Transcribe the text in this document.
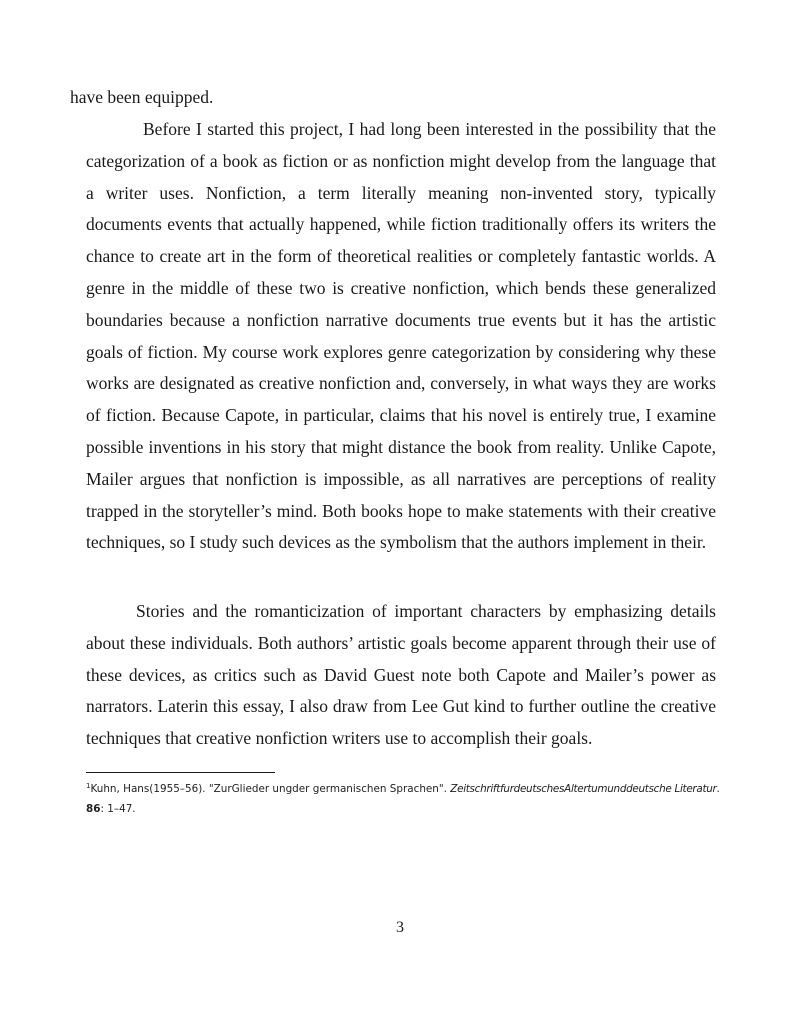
have been equipped.

Before I started this project, I had long been interested in the possibility that the categorization of a book as fiction or as nonfiction might develop from the language that a writer uses. Nonfiction, a term literally meaning non-invented story, typically documents events that actually happened, while fiction traditionally offers its writers the chance to create art in the form of theoretical realities or completely fantastic worlds. A genre in the middle of these two is creative nonfiction, which bends these generalized boundaries because a nonfiction narrative documents true events but it has the artistic goals of fiction. My course work explores genre categorization by considering why these works are designated as creative nonfiction and, conversely, in what ways they are works of fiction. Because Capote, in particular, claims that his novel is entirely true, I examine possible inventions in his story that might distance the book from reality. Unlike Capote, Mailer argues that nonfiction is impossible, as all narratives are perceptions of reality trapped in the storyteller’s mind. Both books hope to make statements with their creative techniques, so I study such devices as the symbolism that the authors implement in their.

Stories and the romanticization of important characters by emphasizing details about these individuals. Both authors’ artistic goals become apparent through their use of these devices, as critics such as David Guest note both Capote and Mailer’s power as narrators. Laterin this essay, I also draw from Lee Gut kind to further outline the creative techniques that creative nonfiction writers use to accomplish their goals.

$^1$Kuhn, Hans(1955–56). "ZurGlieder ungder germanischen Sprachen". ZeitschriftfurdeutschesAltertumunddeutsche Literatur. 86: 1–47.

3
